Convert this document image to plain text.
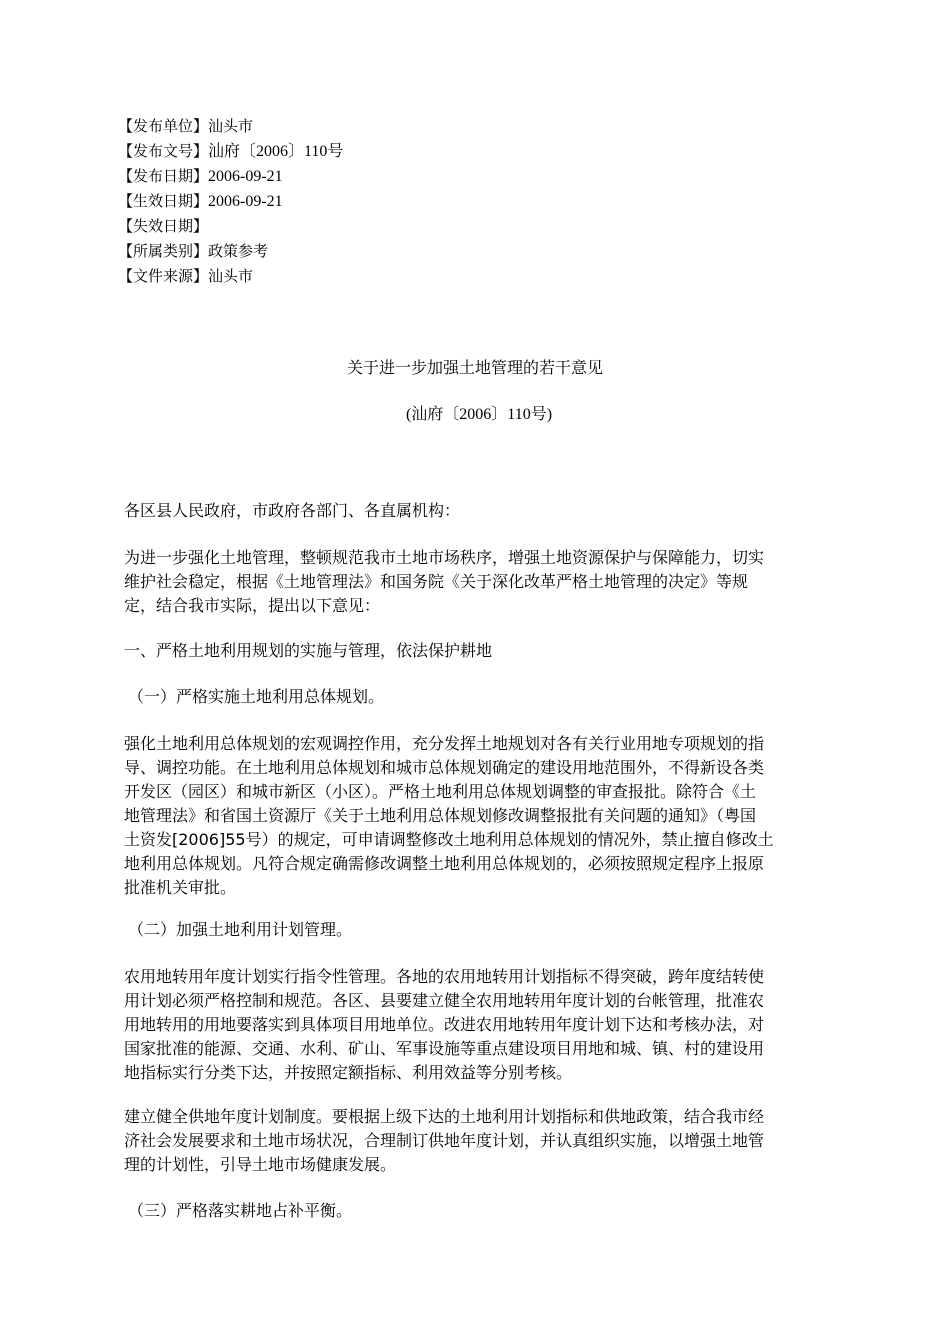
【发布单位】汕头市
【发布文号】汕府〔2006〕110号
【发布日期】2006-09-21
【生效日期】2006-09-21
【失效日期】
【所属类别】政策参考
【文件来源】汕头市
关于进一步加强土地管理的若干意见
(汕府〔2006〕110号)
各区县人民政府，市政府各部门、各直属机构：
为进一步强化土地管理，整顿规范我市土地市场秩序，增强土地资源保护与保障能力，切实
维护社会稳定，根据《土地管理法》和国务院《关于深化改革严格土地管理的决定》等规
定，结合我市实际，提出以下意见：
一、严格土地利用规划的实施与管理，依法保护耕地
（一）严格实施土地利用总体规划。
强化土地利用总体规划的宏观调控作用，充分发挥土地规划对各有关行业用地专项规划的指
导、调控功能。在土地利用总体规划和城市总体规划确定的建设用地范围外，不得新设各类
开发区（园区）和城市新区（小区）。严格土地利用总体规划调整的审查报批。除符合《土
地管理法》和省国土资源厅《关于土地利用总体规划修改调整报批有关问题的通知》（粤国
土资发[2006]55号）的规定，可申请调整修改土地利用总体规划的情况外，禁止擅自修改土
地利用总体规划。凡符合规定确需修改调整土地利用总体规划的，必须按照规定程序上报原
批准机关审批。
（二）加强土地利用计划管理。
农用地转用年度计划实行指令性管理。各地的农用地转用计划指标不得突破，跨年度结转使
用计划必须严格控制和规范。各区、县要建立健全农用地转用年度计划的台帐管理，批准农
用地转用的用地要落实到具体项目用地单位。改进农用地转用年度计划下达和考核办法，对
国家批准的能源、交通、水利、矿山、军事设施等重点建设项目用地和城、镇、村的建设用
地指标实行分类下达，并按照定额指标、利用效益等分别考核。
建立健全供地年度计划制度。要根据上级下达的土地利用计划指标和供地政策，结合我市经
济社会发展要求和土地市场状况，合理制订供地年度计划，并认真组织实施，以增强土地管
理的计划性，引导土地市场健康发展。
（三）严格落实耕地占补平衡。
